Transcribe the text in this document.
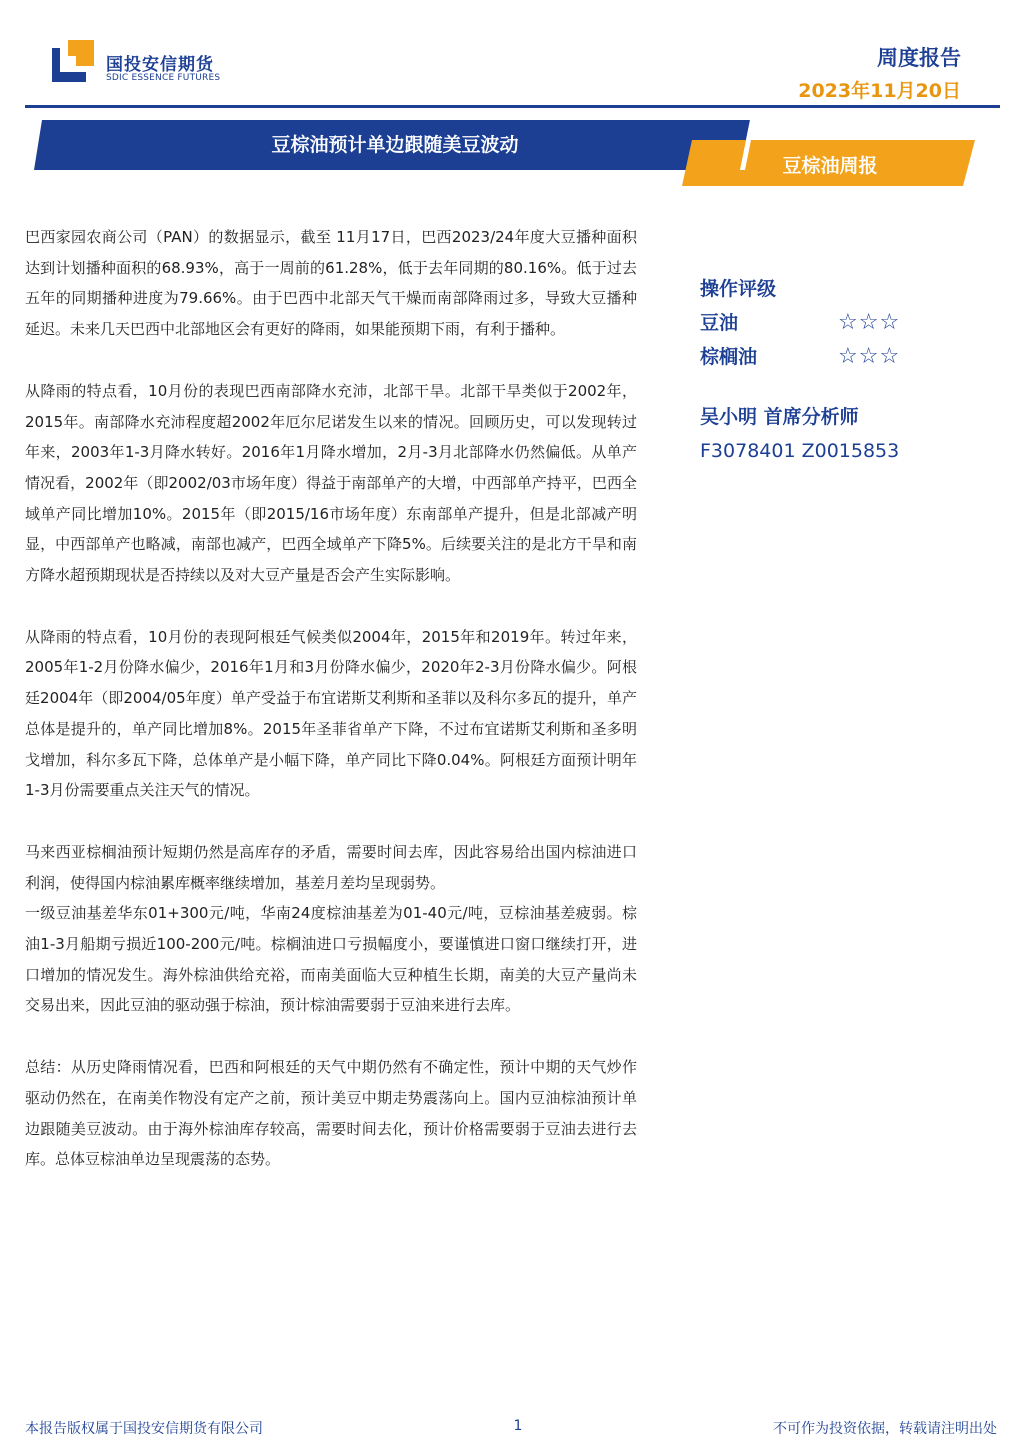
国投安信期货
SDIC ESSENCE FUTURES
周度报告
2023年11月20日
豆棕油预计单边跟随美豆波动
豆棕油周报

巴西家园农商公司（PAN）的数据显示，截至 11月17日，巴西2023/24年度大豆播种面积达到计划播种面积的68.93%，高于一周前的61.28%，低于去年同期的80.16%。低于过去五年的同期播种进度为79.66%。由于巴西中北部天气干燥而南部降雨过多，导致大豆播种延迟。未来几天巴西中北部地区会有更好的降雨，如果能预期下雨，有利于播种。

从降雨的特点看，10月份的表现巴西南部降水充沛，北部干旱。北部干旱类似于2002年，2015年。南部降水充沛程度超2002年厄尔尼诺发生以来的情况。回顾历史，可以发现转过年来，2003年1-3月降水转好。2016年1月降水增加，2月-3月北部降水仍然偏低。从单产情况看，2002年（即2002/03市场年度）得益于南部单产的大增，中西部单产持平，巴西全域单产同比增加10%。2015年（即2015/16市场年度）东南部单产提升，但是北部减产明显，中西部单产也略减，南部也减产，巴西全域单产下降5%。后续要关注的是北方干旱和南方降水超预期现状是否持续以及对大豆产量是否会产生实际影响。

从降雨的特点看，10月份的表现阿根廷气候类似2004年，2015年和2019年。转过年来，2005年1-2月份降水偏少，2016年1月和3月份降水偏少，2020年2-3月份降水偏少。阿根廷2004年（即2004/05年度）单产受益于布宜诺斯艾利斯和圣菲以及科尔多瓦的提升，单产总体是提升的，单产同比增加8%。2015年圣菲省单产下降，不过布宜诺斯艾利斯和圣多明戈增加，科尔多瓦下降，总体单产是小幅下降，单产同比下降0.04%。阿根廷方面预计明年1-3月份需要重点关注天气的情况。

马来西亚棕榈油预计短期仍然是高库存的矛盾，需要时间去库，因此容易给出国内棕油进口利润，使得国内棕油累库概率继续增加，基差月差均呈现弱势。

一级豆油基差华东01+300元/吨，华南24度棕油基差为01-40元/吨，豆棕油基差疲弱。棕油1-3月船期亏损近100-200元/吨。棕榈油进口亏损幅度小，要谨慎进口窗口继续打开，进口增加的情况发生。海外棕油供给充裕，而南美面临大豆种植生长期，南美的大豆产量尚未交易出来，因此豆油的驱动强于棕油，预计棕油需要弱于豆油来进行去库。

总结：从历史降雨情况看，巴西和阿根廷的天气中期仍然有不确定性，预计中期的天气炒作驱动仍然在，在南美作物没有定产之前，预计美豆中期走势震荡向上。国内豆油棕油预计单边跟随美豆波动。由于海外棕油库存较高，需要时间去化，预计价格需要弱于豆油去进行去库。总体豆棕油单边呈现震荡的态势。

操作评级
豆油	☆☆☆
棕榈油	☆☆☆
吴小明 首席分析师
F3078401 Z0015853
本报告版权属于国投安信期货有限公司	1	不可作为投资依据，转载请注明出处
